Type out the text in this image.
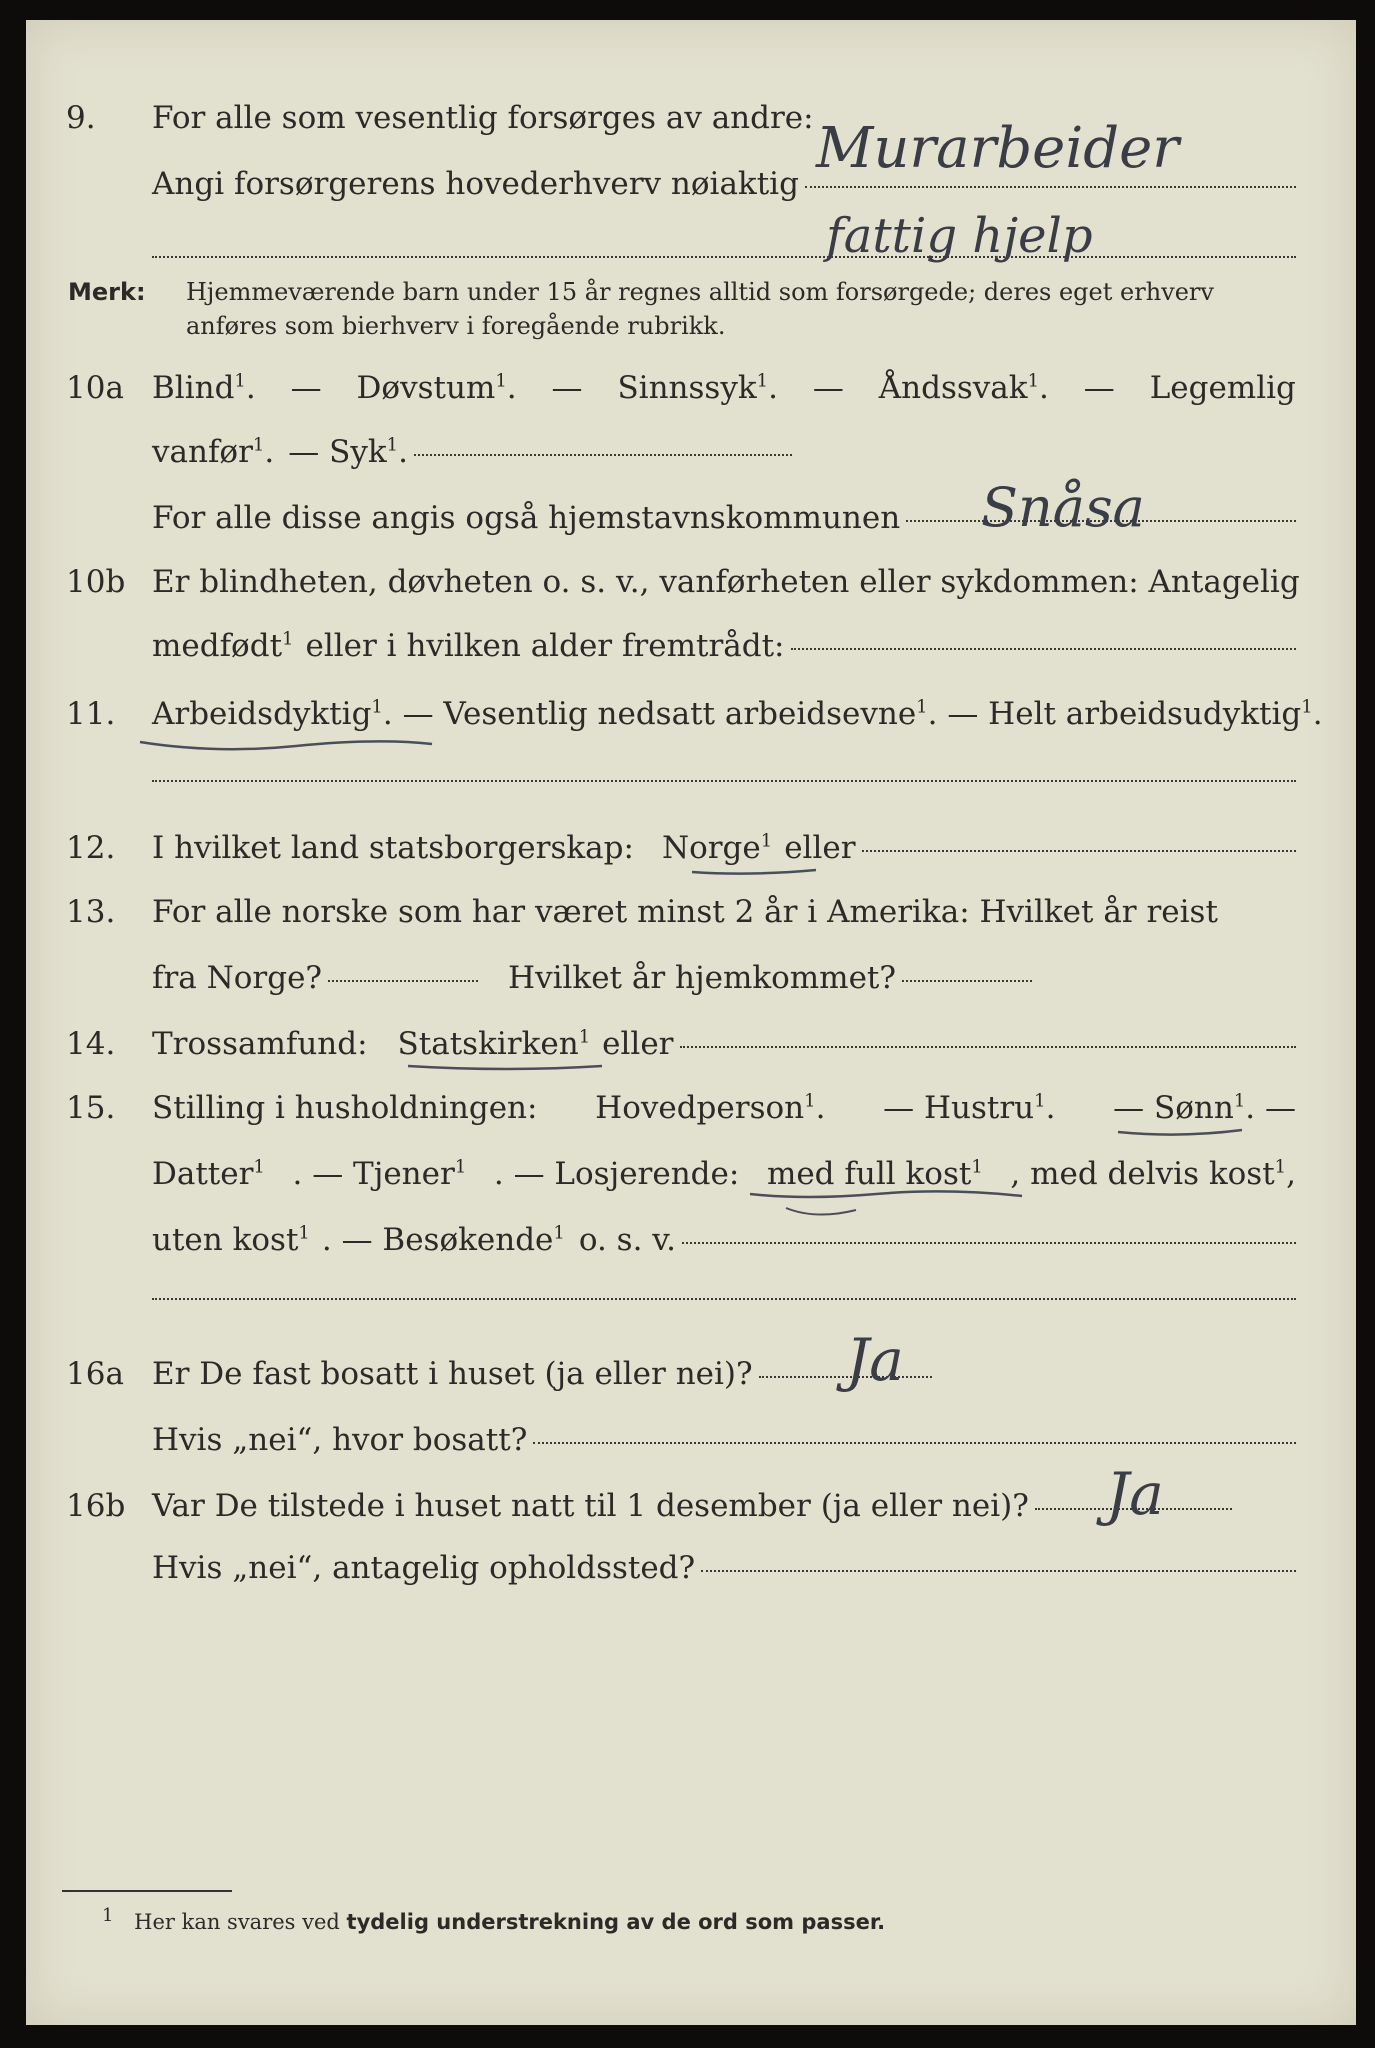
9. For alle som vesentlig forsørges av andre:
Angi forsørgerens hovederhverv nøiaktig
Murarbeider
fattig hjelp
Merk: Hjemmeværende barn under 15 år regnes alltid som forsørgede; deres eget erhverv
anføres som bierhverv i foregående rubrikk.
10a Blind$^1$. — Døvstum$^1$. — Sinnssyk$^1$. — Åndssvak$^1$. — Legemlig
vanfør$^1$. — Syk$^1$.
For alle disse angis også hjemstavnskommunen Snåsa
10b Er blindheten, døvheten o. s. v., vanførheten eller sykdommen: Antagelig
medfødt$^1$ eller i hvilken alder fremtrådt:
11. Arbeidsdyktig$^1$ . — Vesentlig nedsatt arbeidsevne$^1$ . — Helt arbeidsudyktig$^1$.
12. I hvilket land statsborgerskap: Norge$^1$ eller
13. For alle norske som har været minst 2 år i Amerika: Hvilket år reist
fra Norge?	Hvilket år hjemkommet?
14. Trossamfund: Statskirken$^1$ eller
15. Stilling i husholdningen: Hovedperson$^1$. — Hustru$^1$. — Sønn$^1$. —
Datter$^1$ . — Tjener$^1$ . — Losjerende: med full kost$^1$ , med delvis kost$^1$,
uten kost$^1$ . — Besøkende$^1$ o. s. v.
16a Er De fast bosatt i huset (ja eller nei)? Ja
Hvis „nei“, hvor bosatt?
16b Var De tilstede i huset natt til 1 desember (ja eller nei)? Ja
Hvis „nei“, antagelig opholdssted?
1 Her kan svares ved tydelig understrekning av de ord som passer.
